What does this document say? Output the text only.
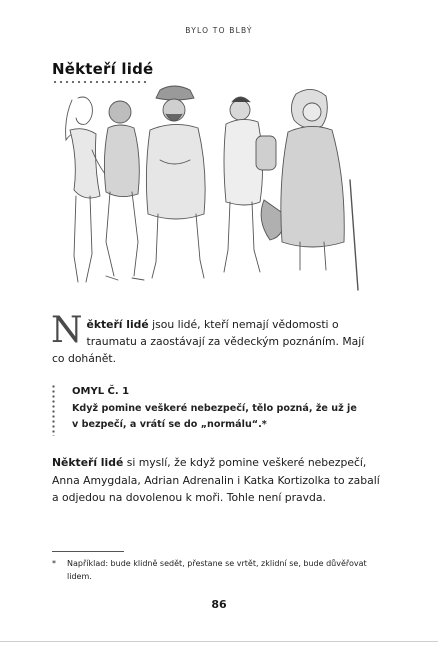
BYLO TO BLBÝ
Někteří lidé
Někteří lidé jsou lidé, kteří nemají vědomosti o traumatu a zaostávají za vědeckým poznáním. Mají co dohánět.
OMYL Č. 1
Když pomine veškeré nebezpečí, tělo pozná, že už je v bezpečí, a vrátí se do „normálu“.*
Někteří lidé si myslí, že když pomine veškeré nebezpečí, Anna Amygdala, Adrian Adrenalin i Katka Kortizolka to zabalí a odjedou na dovolenou k moři. Tohle není pravda.
* Například: bude klidně sedět, přestane se vrtět, zklidní se, bude důvěřovat lidem.
86
